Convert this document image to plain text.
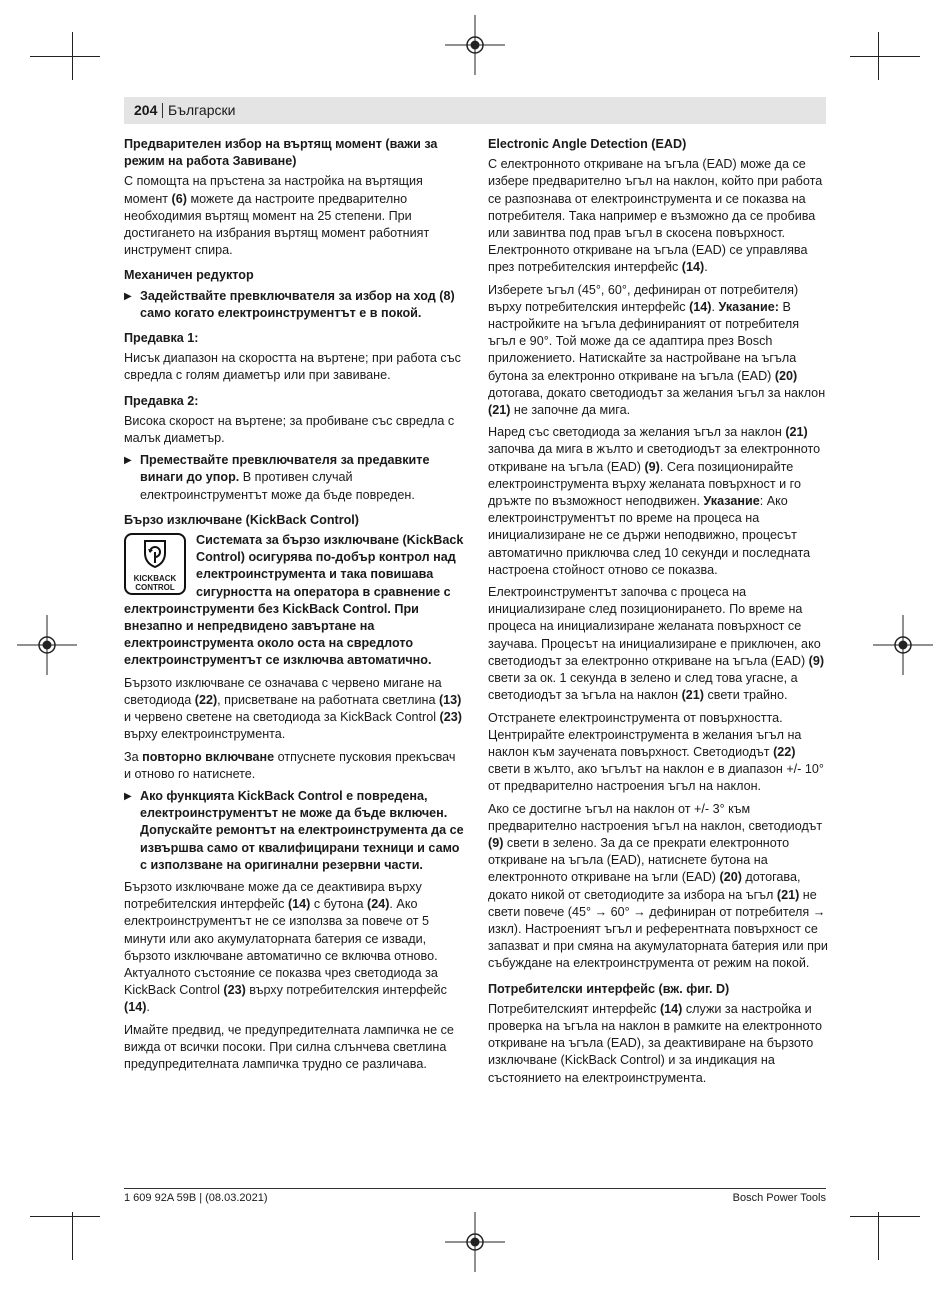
204 Български
Предварителен избор на въртящ момент (важи за режим на работа Завиване)

С помощта на пръстена за настройка на въртящия момент (6) можете да настроите предварително необходимия въртящ момент на 25 степени. При достигането на избрания въртящ момент работният инструмент спира.

Механичен редуктор
▶ Задействайте превключвателя за избор на ход (8) само когато електроинструментът е в покой.
Предавка 1:

Нисък диапазон на скоростта на въртене; при работа със свредла с голям диаметър или при завиване.

Предавка 2:

Висока скорост на въртене; за пробиване със свредла с малък диаметър.

▶ Премествайте превключвателя за предавките винаги до упор. В противен случай електроинструментът може да бъде повреден.
Бързо изключване (KickBack Control)
KICKBACK
CONTROL
Системата за бързо изключване (KickBack Control) осигурява по-добър контрол над електроинструмента и така повишава сигурността на оператора в сравнение с електроинструменти без KickBack Control. При внезапно и непредвидено завъртане на електроинструмента около оста на свредлото електроинструментът се изключва автоматично.

Бързото изключване се означава с червено мигане на светодиода (22), присветване на работната светлина (13) и червено светене на светодиода за KickBack Control (23) върху електроинструмента.

За повторно включване отпуснете пусковия прекъсвач и отново го натиснете.

▶ Ако функцията KickBack Control е повредена, електроинструментът не може да бъде включен. Допускайте ремонтът на електроинструмента да се извършва само от квалифицирани техници и само с използване на оригинални резервни части.

Бързото изключване може да се деактивира върху потребителския интерфейс (14) с бутона (24). Ако електроинструментът не се използва за повече от 5 минути или ако акумулаторната батерия се извади, бързото изключване автоматично се включва отново. Актуалното състояние се показва чрез светодиода за KickBack Control (23) върху потребителския интерфейс (14).

Имайте предвид, че предупредителната лампичка не се вижда от всички посоки. При силна слънчева светлина предупредителната лампичка трудно се различава.

Electronic Angle Detection (EAD)

С електронното откриване на ъгъла (EAD) може да се избере предварително ъгъл на наклон, който при работа се разпознава от електроинструмента и се показва на потребителя. Така например е възможно да се пробива или завинтва под прав ъгъл в скосена повърхност. Електронното откриване на ъгъла (EAD) се управлява през потребителския интерфейс (14).

Изберете ъгъл (45°, 60°, дефиниран от потребителя) върху потребителския интерфейс (14). Указание: В настройките на ъгъла дефинираният от потребителя ъгъл е 90°. Той може да се адаптира през Bosch приложението. Натискайте за настройване на ъгъла бутона за електронно откриване на ъгъла (EAD) (20) дотогава, докато светодиодът за желания ъгъл за наклон (21) не започне да мига.

Наред със светодиода за желания ъгъл за наклон (21) започва да мига в жълто и светодиодът за електронното откриване на ъгъла (EAD) (9). Сега позиционирайте електроинструмента върху желаната повърхност и го дръжте по възможност неподвижен. Указание: Ако електроинструментът по време на процеса на инициализиране не се държи неподвижно, процесът автоматично приключва след 10 секунди и последната настроена стойност отново се показва.

Електроинструментът започва с процеса на инициализиране след позиционирането. По време на процеса на инициализиране желаната повърхност се заучава. Процесът на инициализиране е приключен, ако светодиодът за електронно откриване на ъгъла (EAD) (9) свети за ок. 1 секунда в зелено и след това угасне, а светодиодът за ъгъла на наклон (21) свети трайно.

Отстранете електроинструмента от повърхността. Центрирайте електроинструмента в желания ъгъл на наклон към заучената повърхност. Светодиодът (22) свети в жълто, ако ъгълът на наклон е в диапазон +/- 10° от предварително настроения ъгъл на наклон.

Ако се достигне ъгъл на наклон от +/- 3° към предварително настроения ъгъл на наклон, светодиодът (9) свети в зелено. За да се прекрати електронното откриване на ъгъла (EAD), натиснете бутона на електронното откриване на ъгли (EAD) (20) дотогава, докато никой от светодиодите за избора на ъгъл (21) не свети повече (45° → 60° → дефиниран от потребителя → изкл). Настроеният ъгъл и референтната повърхност се запазват и при смяна на акумулаторната батерия или при събуждане на електроинструмента от режим на покой.

Потребителски интерфейс (вж. фиг. D)

Потребителският интерфейс (14) служи за настройка и проверка на ъгъла на наклон в рамките на електронното откриване на ъгъла (EAD), за деактивиране на бързото изключване (KickBack Control) и за индикация на състоянието на електроинструмента.

1 609 92A 59B | (08.03.2021)	Bosch Power Tools
